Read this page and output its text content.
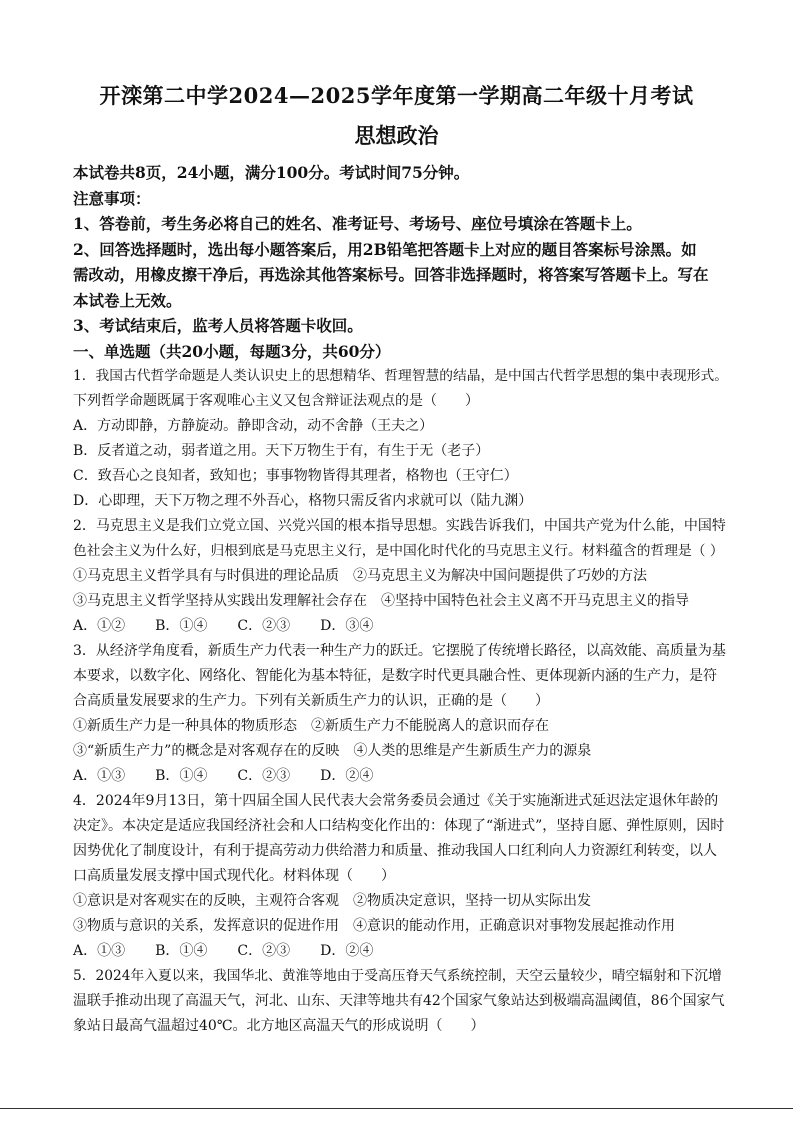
开滦第二中学2024—2025学年度第一学期高二年级十月考试
思想政治
本试卷共8页，24小题，满分100分。考试时间75分钟。
注意事项：
1、答卷前，考生务必将自己的姓名、准考证号、考场号、座位号填涂在答题卡上。
2、回答选择题时，选出每小题答案后，用2B铅笔把答题卡上对应的题目答案标号涂黑。如
需改动，用橡皮擦干净后，再选涂其他答案标号。回答非选择题时，将答案写答题卡上。写在
本试卷上无效。
3、考试结束后，监考人员将答题卡收回。
一、单选题（共20小题，每题3分，共60分）
1．我国古代哲学命题是人类认识史上的思想精华、哲理智慧的结晶，是中国古代哲学思想的集中表现形式。
下列哲学命题既属于客观唯心主义又包含辩证法观点的是（　　）
A．方动即静，方静旋动。静即含动，动不舍静（王夫之）
B．反者道之动，弱者道之用。天下万物生于有，有生于无（老子）
C．致吾心之良知者，致知也；事事物物皆得其理者，格物也（王守仁）
D．心即理，天下万物之理不外吾心，格物只需反省内求就可以（陆九渊）
2．马克思主义是我们立党立国、兴党兴国的根本指导思想。实践告诉我们，中国共产党为什么能，中国特
色社会主义为什么好，归根到底是马克思主义行，是中国化时代化的马克思主义行。材料蕴含的哲理是（ ）
①马克思主义哲学具有与时俱进的理论品质　②马克思主义为解决中国问题提供了巧妙的方法
③马克思主义哲学坚持从实践出发理解社会存在　④坚持中国特色社会主义离不开马克思主义的指导
A．①② B．①④ C．②③ D．③④
3．从经济学角度看，新质生产力代表一种生产力的跃迁。它摆脱了传统增长路径，以高效能、高质量为基
本要求，以数字化、网络化、智能化为基本特征，是数字时代更具融合性、更体现新内涵的生产力，是符
合高质量发展要求的生产力。下列有关新质生产力的认识，正确的是（　　）
①新质生产力是一种具体的物质形态　②新质生产力不能脱离人的意识而存在
③“新质生产力”的概念是对客观存在的反映　④人类的思维是产生新质生产力的源泉
A．①③ B．①④ C．②③ D．②④
4．2024年9月13日，第十四届全国人民代表大会常务委员会通过《关于实施渐进式延迟法定退休年龄的
决定》。本决定是适应我国经济社会和人口结构变化作出的：体现了“渐进式”，坚持自愿、弹性原则，因时
因势优化了制度设计，有利于提高劳动力供给潜力和质量、推动我国人口红利向人力资源红利转变，以人
口高质量发展支撑中国式现代化。材料体现（　　）
①意识是对客观实在的反映，主观符合客观　②物质决定意识，坚持一切从实际出发
③物质与意识的关系，发挥意识的促进作用　④意识的能动作用，正确意识对事物发展起推动作用
A．①③ B．①④ C．②③ D．②④
5．2024年入夏以来，我国华北、黄淮等地由于受高压脊天气系统控制，天空云量较少，晴空辐射和下沉增
温联手推动出现了高温天气，河北、山东、天津等地共有42个国家气象站达到极端高温阈值，86个国家气
象站日最高气温超过40℃。北方地区高温天气的形成说明（　　）
